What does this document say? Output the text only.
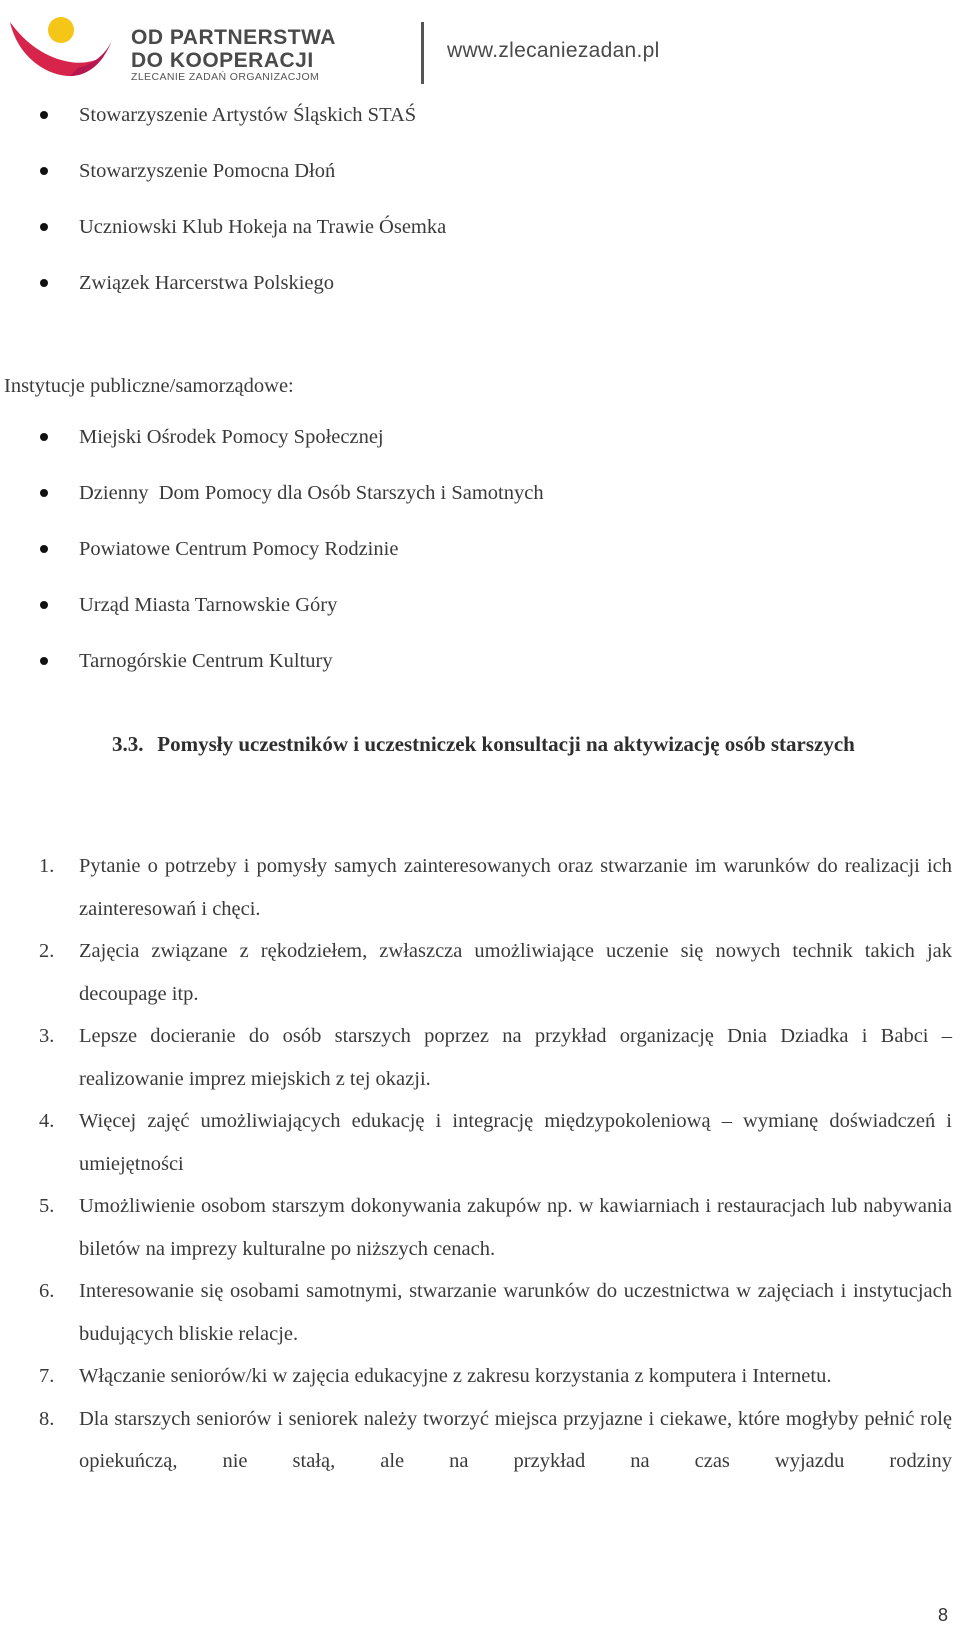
OD PARTNERSTWA
DO KOOPERACJI
ZLECANIE ZADAŃ ORGANIZACJOM
www.zlecaniezadan.pl
Stowarzyszenie Artystów Śląskich STAŚ
Stowarzyszenie Pomocna Dłoń
Uczniowski Klub Hokeja na Trawie Ósemka
Związek Harcerstwa Polskiego
Instytucje publiczne/samorządowe:
Miejski Ośrodek Pomocy Społecznej
Dzienny  Dom Pomocy dla Osób Starszych i Samotnych
Powiatowe Centrum Pomocy Rodzinie
Urząd Miasta Tarnowskie Góry
Tarnogórskie Centrum Kultury
3.3. Pomysły uczestników i uczestniczek konsultacji na aktywizację osób starszych
1. Pytanie o potrzeby i pomysły samych zainteresowanych oraz stwarzanie im warunków do realizacji ich zainteresowań i chęci.
2. Zajęcia związane z rękodziełem, zwłaszcza umożliwiające uczenie się nowych technik takich jak decoupage itp.
3. Lepsze docieranie do osób starszych poprzez na przykład organizację Dnia Dziadka i Babci – realizowanie imprez miejskich z tej okazji.
4. Więcej zajęć umożliwiających edukację i integrację międzypokoleniową – wymianę doświadczeń i umiejętności
5. Umożliwienie osobom starszym dokonywania zakupów np. w kawiarniach i restauracjach lub nabywania biletów na imprezy kulturalne po niższych cenach.
6. Interesowanie się osobami samotnymi, stwarzanie warunków do uczestnictwa w zajęciach i instytucjach budujących bliskie relacje.
7. Włączanie seniorów/ki w zajęcia edukacyjne z zakresu korzystania z komputera i Internetu.
8. Dla starszych seniorów i seniorek należy tworzyć miejsca przyjazne i ciekawe, które mogłyby pełnić rolę opiekuńczą, nie stałą, ale na przykład na czas wyjazdu rodziny
8
